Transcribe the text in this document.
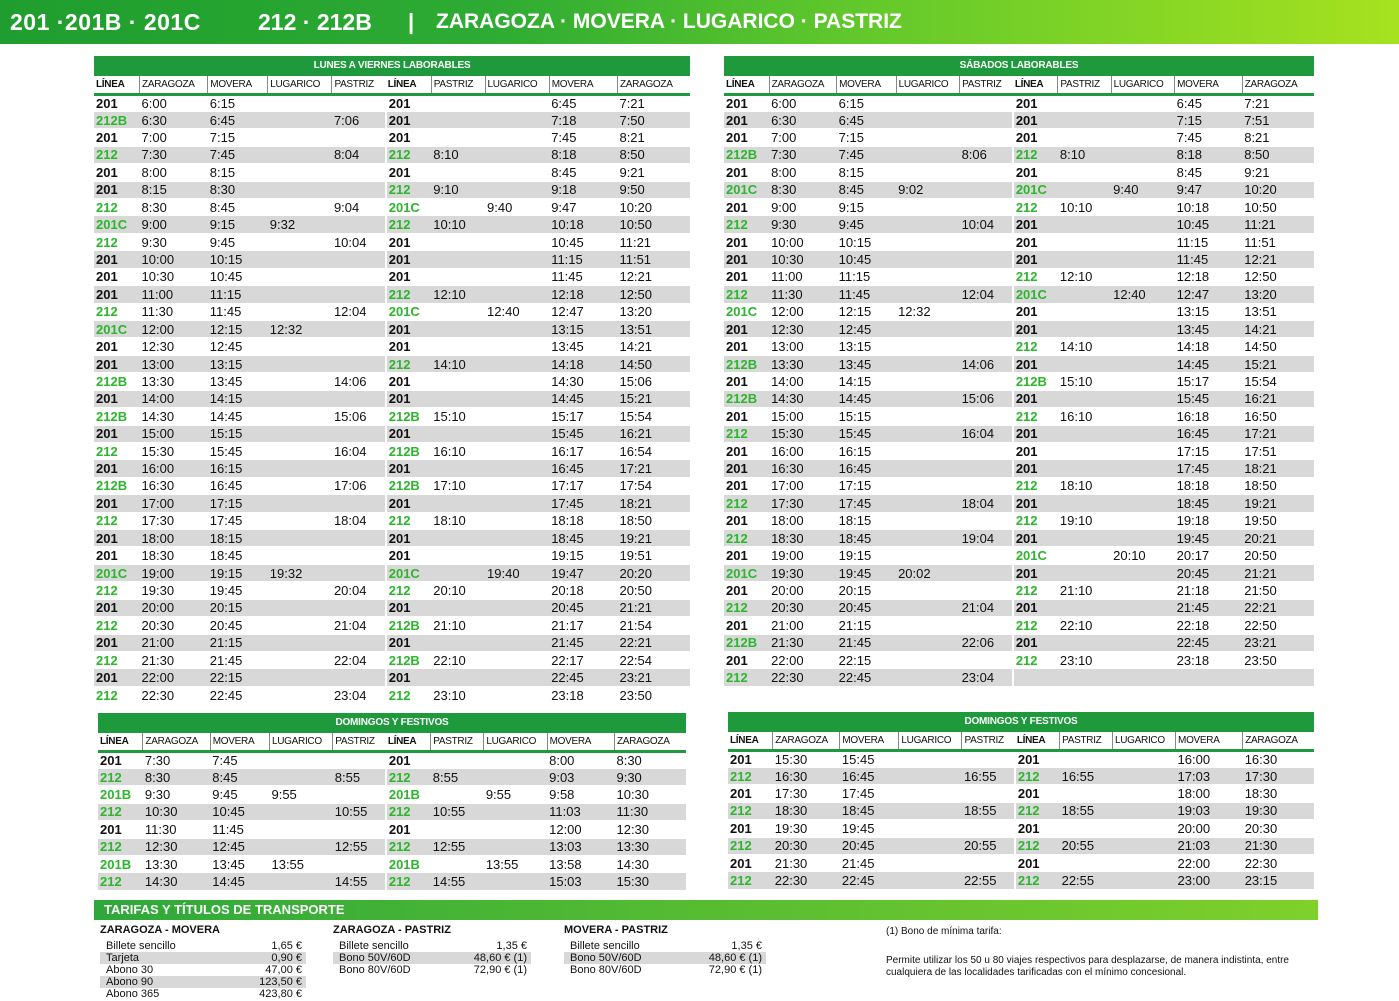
201 ·201B · 201C 212 · 212B | ZARAGOZA · MOVERA · LUGARICO · PASTRIZ
LUNES A VIERNES LABORABLES
LÍNEA	ZARAGOZA	MOVERA	LUGARICO	PASTRIZ	LÍNEA	PASTRIZ	LUGARICO	MOVERA	ZARAGOZA
201	6:00	6:15			201			6:45	7:21
212B	6:30	6:45		7:06	201			7:18	7:50
201	7:00	7:15			201			7:45	8:21
212	7:30	7:45		8:04	212	8:10		8:18	8:50
201	8:00	8:15			201			8:45	9:21
201	8:15	8:30			212	9:10		9:18	9:50
212	8:30	8:45		9:04	201C		9:40	9:47	10:20
201C	9:00	9:15	9:32		212	10:10		10:18	10:50
212	9:30	9:45		10:04	201			10:45	11:21
201	10:00	10:15			201			11:15	11:51
201	10:30	10:45			201			11:45	12:21
201	11:00	11:15			212	12:10		12:18	12:50
212	11:30	11:45		12:04	201C		12:40	12:47	13:20
201C	12:00	12:15	12:32		201			13:15	13:51
201	12:30	12:45			201			13:45	14:21
201	13:00	13:15			212	14:10		14:18	14:50
212B	13:30	13:45		14:06	201			14:30	15:06
201	14:00	14:15			201			14:45	15:21
212B	14:30	14:45		15:06	212B	15:10		15:17	15:54
201	15:00	15:15			201			15:45	16:21
212	15:30	15:45		16:04	212B	16:10		16:17	16:54
201	16:00	16:15			201			16:45	17:21
212B	16:30	16:45		17:06	212B	17:10		17:17	17:54
201	17:00	17:15			201			17:45	18:21
212	17:30	17:45		18:04	212	18:10		18:18	18:50
201	18:00	18:15			201			18:45	19:21
201	18:30	18:45			201			19:15	19:51
201C	19:00	19:15	19:32		201C		19:40	19:47	20:20
212	19:30	19:45		20:04	212	20:10		20:18	20:50
201	20:00	20:15			201			20:45	21:21
212	20:30	20:45		21:04	212B	21:10		21:17	21:54
201	21:00	21:15			201			21:45	22:21
212	21:30	21:45		22:04	212B	22:10		22:17	22:54
201	22:00	22:15			201			22:45	23:21
212	22:30	22:45		23:04	212	23:10		23:18	23:50
SÁBADOS LABORABLES
LÍNEA	ZARAGOZA	MOVERA	LUGARICO	PASTRIZ	LÍNEA	PASTRIZ	LUGARICO	MOVERA	ZARAGOZA
201	6:00	6:15			201			6:45	7:21
201	6:30	6:45			201			7:15	7:51
201	7:00	7:15			201			7:45	8:21
212B	7:30	7:45		8:06	212	8:10		8:18	8:50
201	8:00	8:15			201			8:45	9:21
201C	8:30	8:45	9:02		201C		9:40	9:47	10:20
201	9:00	9:15			212	10:10		10:18	10:50
212	9:30	9:45		10:04	201			10:45	11:21
201	10:00	10:15			201			11:15	11:51
201	10:30	10:45			201			11:45	12:21
201	11:00	11:15			212	12:10		12:18	12:50
212	11:30	11:45		12:04	201C		12:40	12:47	13:20
201C	12:00	12:15	12:32		201			13:15	13:51
201	12:30	12:45			201			13:45	14:21
201	13:00	13:15			212	14:10		14:18	14:50
212B	13:30	13:45		14:06	201			14:45	15:21
201	14:00	14:15			212B	15:10		15:17	15:54
212B	14:30	14:45		15:06	201			15:45	16:21
201	15:00	15:15			212	16:10		16:18	16:50
212	15:30	15:45		16:04	201			16:45	17:21
201	16:00	16:15			201			17:15	17:51
201	16:30	16:45			201			17:45	18:21
201	17:00	17:15			212	18:10		18:18	18:50
212	17:30	17:45		18:04	201			18:45	19:21
201	18:00	18:15			212	19:10		19:18	19:50
212	18:30	18:45		19:04	201			19:45	20:21
201	19:00	19:15			201C		20:10	20:17	20:50
201C	19:30	19:45	20:02		201			20:45	21:21
201	20:00	20:15			212	21:10		21:18	21:50
212	20:30	20:45		21:04	201			21:45	22:21
201	21:00	21:15			212	22:10		22:18	22:50
212B	21:30	21:45		22:06	201			22:45	23:21
201	22:00	22:15			212	23:10		23:18	23:50
212	22:30	22:45		23:04					
DOMINGOS Y FESTIVOS
LÍNEA	ZARAGOZA	MOVERA	LUGARICO	PASTRIZ	LÍNEA	PASTRIZ	LUGARICO	MOVERA	ZARAGOZA
201	7:30	7:45			201			8:00	8:30
212	8:30	8:45		8:55	212	8:55		9:03	9:30
201B	9:30	9:45	9:55		201B		9:55	9:58	10:30
212	10:30	10:45		10:55	212	10:55		11:03	11:30
201	11:30	11:45			201			12:00	12:30
212	12:30	12:45		12:55	212	12:55		13:03	13:30
201B	13:30	13:45	13:55		201B		13:55	13:58	14:30
212	14:30	14:45		14:55	212	14:55		15:03	15:30
DOMINGOS Y FESTIVOS
LÍNEA	ZARAGOZA	MOVERA	LUGARICO	PASTRIZ	LÍNEA	PASTRIZ	LUGARICO	MOVERA	ZARAGOZA
201	15:30	15:45			201			16:00	16:30
212	16:30	16:45		16:55	212	16:55		17:03	17:30
201	17:30	17:45			201			18:00	18:30
212	18:30	18:45		18:55	212	18:55		19:03	19:30
201	19:30	19:45			201			20:00	20:30
212	20:30	20:45		20:55	212	20:55		21:03	21:30
201	21:30	21:45			201			22:00	22:30
212	22:30	22:45		22:55	212	22:55		23:00	23:15
TARIFAS Y TÍTULOS DE TRANSPORTE
ZARAGOZA - MOVERA
Billete sencillo	1,65 €
Tarjeta	0,90 €
Abono 30	47,00 €
Abono 90	123,50 €
Abono 365	423,80 €
ZARAGOZA - PASTRIZ
Billete sencillo	1,35 €
Bono 50V/60D	48,60 € (1)
Bono 80V/60D	72,90 € (1)
MOVERA - PASTRIZ
Billete sencillo	1,35 €
Bono 50V/60D	48,60 € (1)
Bono 80V/60D	72,90 € (1)
(1) Bono de mínima tarifa:
Permite utilizar los 50 u 80 viajes respectivos para desplazarse, de manera indistinta, entre cualquiera de las localidades tarificadas con el mínimo concesional.
